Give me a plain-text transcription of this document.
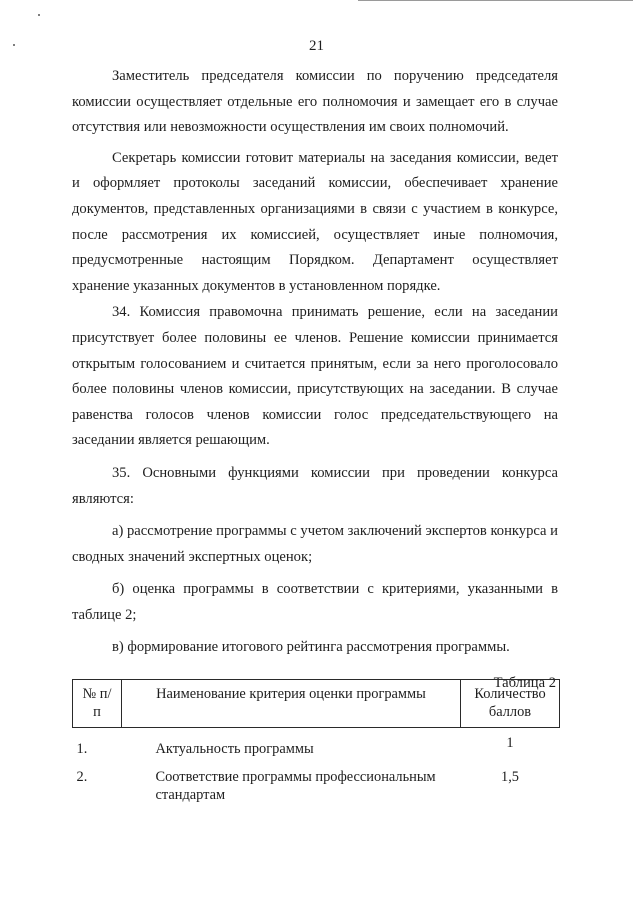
21

Заместитель председателя комиссии по поручению председателя комиссии осуществляет отдельные его полномочия и замещает его в случае отсутствия или невозможности осуществления им своих полномочий.

Секретарь комиссии готовит материалы на заседания комиссии, ведет и оформляет протоколы заседаний комиссии, обеспечивает хранение документов, представленных организациями в связи с участием в конкурсе, после рассмотрения их комиссией, осуществляет иные полномочия, предусмотренные настоящим Порядком. Департамент осуществляет хранение указанных документов в установленном порядке.

34. Комиссия правомочна принимать решение, если на заседании присутствует более половины ее членов. Решение комиссии принимается открытым голосованием и считается принятым, если за него проголосовало более половины членов комиссии, присутствующих на заседании. В случае равенства голосов членов комиссии голос председательствующего на заседании является решающим.

35. Основными функциями комиссии при проведении конкурса являются:

а) рассмотрение программы с учетом заключений экспертов конкурса и сводных значений экспертных оценок;

б) оценка программы в соответствии с критериями, указанными в таблице 2;

в) формирование итогового рейтинга рассмотрения программы.

Таблица 2
№ п/п	Наименование критерия оценки программы	Количество баллов
1.	Актуальность программы	1
2.	Соответствие программы профессиональным стандартам	1,5
